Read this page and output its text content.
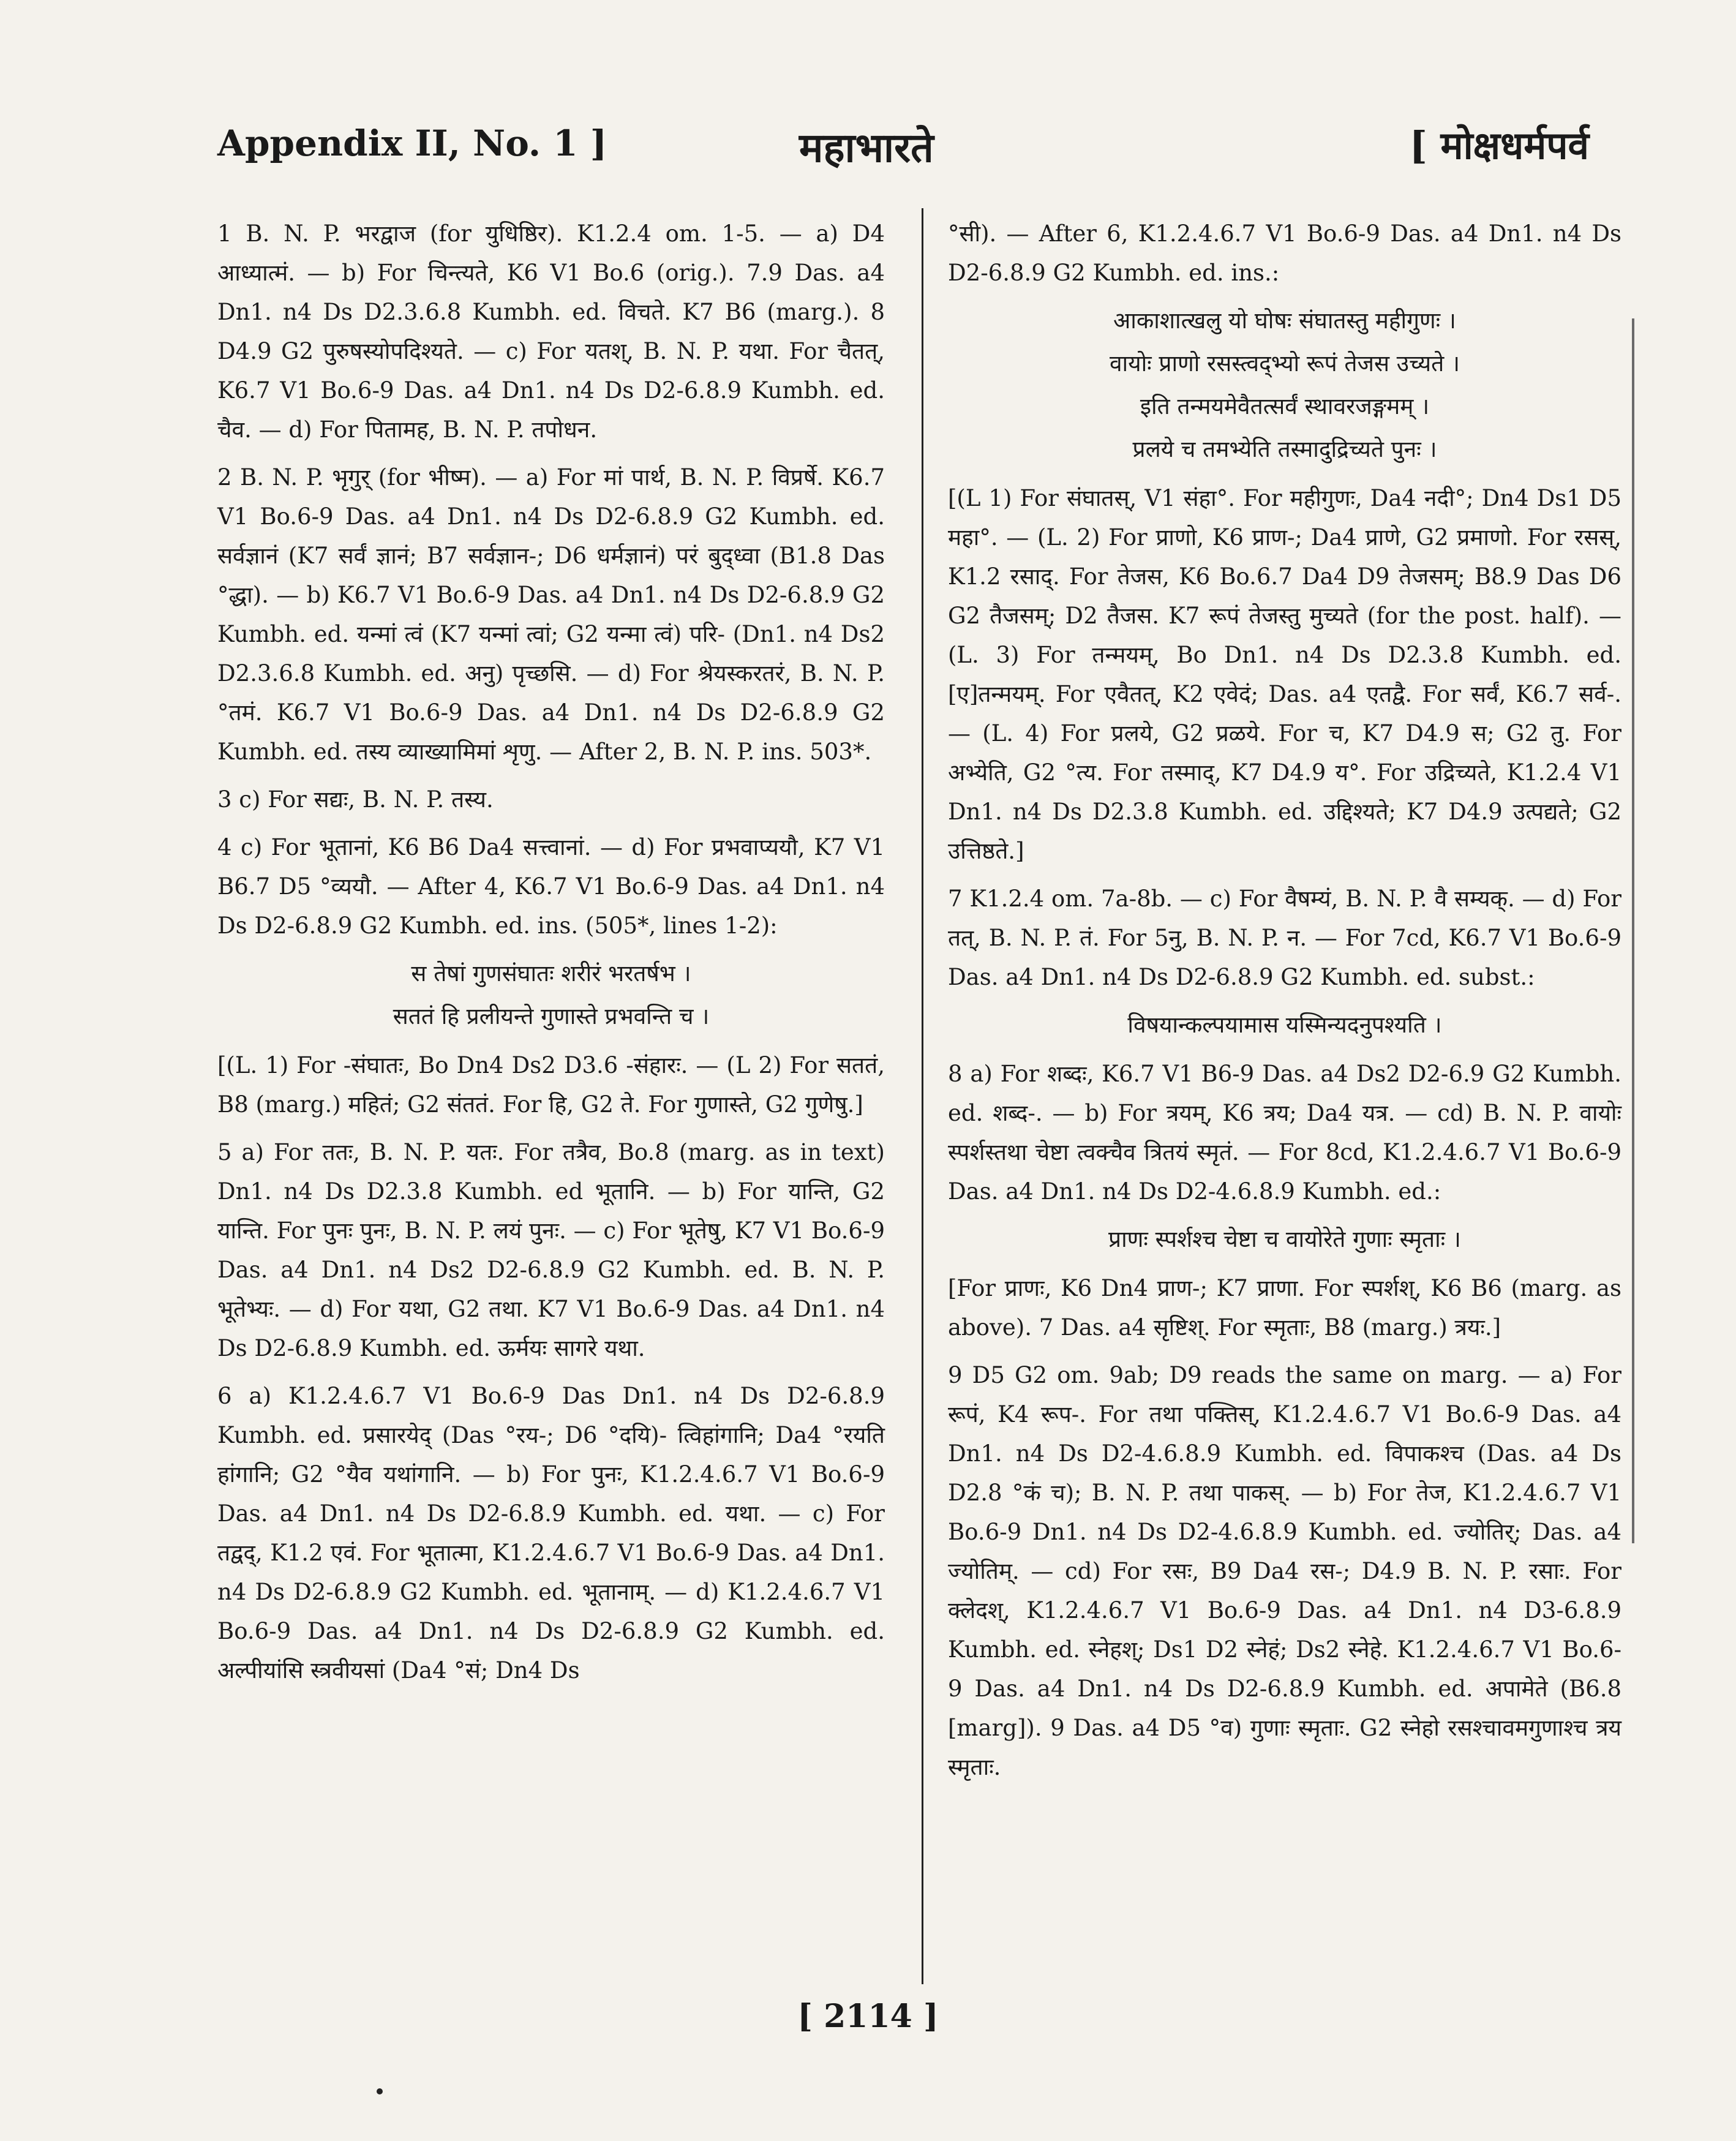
Appendix II, No. 1 ]	महाभारते	[ मोक्षधर्मपर्व

1 B. N. P. भरद्वाज (for युधिष्ठिर). K1.2.4 om. 1-5. — a) D4 आध्यात्मं. — b) For चिन्त्यते, K6 V1 Bo.6 (orig.). 7.9 Das. a4 Dn1. n4 Ds D2.3.6.8 Kumbh. ed. विचते. K7 B6 (marg.). 8 D4.9 G2 पुरुषस्योपदिश्यते. — c) For यतश्, B. N. P. यथा. For चैतत्, K6.7 V1 Bo.6-9 Das. a4 Dn1. n4 Ds D2-6.8.9 Kumbh. ed. चैव. — d) For पितामह, B. N. P. तपोधन.

2 B. N. P. भृगुर् (for भीष्म). — a) For मां पार्थ, B. N. P. विप्रर्षे. K6.7 V1 Bo.6-9 Das. a4 Dn1. n4 Ds D2-6.8.9 G2 Kumbh. ed. सर्वज्ञानं (K7 सर्वं ज्ञानं; B7 सर्वज्ञान-; D6 धर्मज्ञानं) परं बुद्ध्वा (B1.8 Das °द्धा). — b) K6.7 V1 Bo.6-9 Das. a4 Dn1. n4 Ds D2-6.8.9 G2 Kumbh. ed. यन्मां त्वं (K7 यन्मां त्वां; G2 यन्मा त्वं) परि- (Dn1. n4 Ds2 D2.3.6.8 Kumbh. ed. अनु) पृच्छसि. — d) For श्रेयस्करतरं, B. N. P. °तमं. K6.7 V1 Bo.6-9 Das. a4 Dn1. n4 Ds D2-6.8.9 G2 Kumbh. ed. तस्य व्याख्यामिमां शृणु. — After 2, B. N. P. ins. 503*.

3 c) For सद्यः, B. N. P. तस्य.

4 c) For भूतानां, K6 B6 Da4 सत्त्वानां. — d) For प्रभवाप्ययौ, K7 V1 B6.7 D5 °व्ययौ. — After 4, K6.7 V1 Bo.6-9 Das. a4 Dn1. n4 Ds D2-6.8.9 G2 Kumbh. ed. ins. (505*, lines 1-2):

स तेषां गुणसंघातः शरीरं भरतर्षभ ।
सततं हि प्रलीयन्ते गुणास्ते प्रभवन्ति च ।

[(L. 1) For -संघातः, Bo Dn4 Ds2 D3.6 -संहारः. — (L 2) For सततं, B8 (marg.) महितं; G2 संततं. For हि, G2 ते. For गुणास्ते, G2 गुणेषु.]

5 a) For ततः, B. N. P. यतः. For तत्रैव, Bo.8 (marg. as in text) Dn1. n4 Ds D2.3.8 Kumbh. ed भूतानि. — b) For यान्ति, G2 यान्ति. For पुनः पुनः, B. N. P. लयं पुनः. — c) For भूतेषु, K7 V1 Bo.6-9 Das. a4 Dn1. n4 Ds2 D2-6.8.9 G2 Kumbh. ed. B. N. P. भूतेभ्यः. — d) For यथा, G2 तथा. K7 V1 Bo.6-9 Das. a4 Dn1. n4 Ds D2-6.8.9 Kumbh. ed. ऊर्मयः सागरे यथा.

6 a) K1.2.4.6.7 V1 Bo.6-9 Das Dn1. n4 Ds D2-6.8.9 Kumbh. ed. प्रसारयेद् (Das °रय-; D6 °दयि)- त्विहांगानि; Da4 °रयति हांगानि; G2 °यैव यथांगानि. — b) For पुनः, K1.2.4.6.7 V1 Bo.6-9 Das. a4 Dn1. n4 Ds D2-6.8.9 Kumbh. ed. यथा. — c) For तद्वद्, K1.2 एवं. For भूतात्मा, K1.2.4.6.7 V1 Bo.6-9 Das. a4 Dn1. n4 Ds D2-6.8.9 G2 Kumbh. ed. भूतानाम्. — d) K1.2.4.6.7 V1 Bo.6-9 Das. a4 Dn1. n4 Ds D2-6.8.9 G2 Kumbh. ed. अल्पीयांसि स्त्रवीयसां (Da4 °सं; Dn4 Ds

°सी). — After 6, K1.2.4.6.7 V1 Bo.6-9 Das. a4 Dn1. n4 Ds D2-6.8.9 G2 Kumbh. ed. ins.:

आकाशात्खलु यो घोषः संघातस्तु महीगुणः ।
वायोः प्राणो रसस्त्वद्भ्यो रूपं तेजस उच्यते ।
इति तन्मयमेवैतत्सर्वं स्थावरजङ्गमम् ।
प्रलये च तमभ्येति तस्मादुद्रिच्यते पुनः ।

[(L 1) For संघातस्, V1 संहा°. For महीगुणः, Da4 नदी°; Dn4 Ds1 D5 महा°. — (L. 2) For प्राणो, K6 प्राण-; Da4 प्राणे, G2 प्रमाणो. For रसस्, K1.2 रसाद्. For तेजस, K6 Bo.6.7 Da4 D9 तेजसम्; B8.9 Das D6 G2 तैजसम्; D2 तैजस. K7 रूपं तेजस्तु मुच्यते (for the post. half). — (L. 3) For तन्मयम्, Bo Dn1. n4 Ds D2.3.8 Kumbh. ed. [ए]तन्मयम्. For एवैतत्, K2 एवेदं; Das. a4 एतद्वै. For सर्वं, K6.7 सर्व-. — (L. 4) For प्रलये, G2 प्रळये. For च, K7 D4.9 स; G2 तु. For अभ्येति, G2 °त्य. For तस्माद्, K7 D4.9 य°. For उद्रिच्यते, K1.2.4 V1 Dn1. n4 Ds D2.3.8 Kumbh. ed. उद्दिश्यते; K7 D4.9 उत्पद्यते; G2 उत्तिष्ठते.]

7 K1.2.4 om. 7a-8b. — c) For वैषम्यं, B. N. P. वै सम्यक्. — d) For तत्, B. N. P. तं. For 5नु, B. N. P. न. — For 7cd, K6.7 V1 Bo.6-9 Das. a4 Dn1. n4 Ds D2-6.8.9 G2 Kumbh. ed. subst.:

विषयान्कल्पयामास यस्मिन्यदनुपश्यति ।

8 a) For शब्दः, K6.7 V1 B6-9 Das. a4 Ds2 D2-6.9 G2 Kumbh. ed. शब्द-. — b) For त्रयम्, K6 त्रय; Da4 यत्र. — cd) B. N. P. वायोः स्पर्शस्तथा चेष्टा त्वक्चैव त्रितयं स्मृतं. — For 8cd, K1.2.4.6.7 V1 Bo.6-9 Das. a4 Dn1. n4 Ds D2-4.6.8.9 Kumbh. ed.:

प्राणः स्पर्शश्च चेष्टा च वायोरेते गुणाः स्मृताः ।

[For प्राणः, K6 Dn4 प्राण-; K7 प्राणा. For स्पर्शश्, K6 B6 (marg. as above). 7 Das. a4 सृष्टिश्. For स्मृताः, B8 (marg.) त्रयः.]

9 D5 G2 om. 9ab; D9 reads the same on marg. — a) For रूपं, K4 रूप-. For तथा पक्तिस्, K1.2.4.6.7 V1 Bo.6-9 Das. a4 Dn1. n4 Ds D2-4.6.8.9 Kumbh. ed. विपाकश्च (Das. a4 Ds D2.8 °कं च); B. N. P. तथा पाकस्. — b) For तेज, K1.2.4.6.7 V1 Bo.6-9 Dn1. n4 Ds D2-4.6.8.9 Kumbh. ed. ज्योतिर्; Das. a4 ज्योतिम्. — cd) For रसः, B9 Da4 रस-; D4.9 B. N. P. रसाः. For क्लेदश्, K1.2.4.6.7 V1 Bo.6-9 Das. a4 Dn1. n4 D3-6.8.9 Kumbh. ed. स्नेहश्; Ds1 D2 स्नेहं; Ds2 स्नेहे. K1.2.4.6.7 V1 Bo.6-9 Das. a4 Dn1. n4 Ds D2-6.8.9 Kumbh. ed. अपामेते (B6.8 [marg]). 9 Das. a4 D5 °व) गुणाः स्मृताः. G2 स्नेहो रसश्चावमगुणाश्च त्रय स्मृताः.

[ 2114 ]
